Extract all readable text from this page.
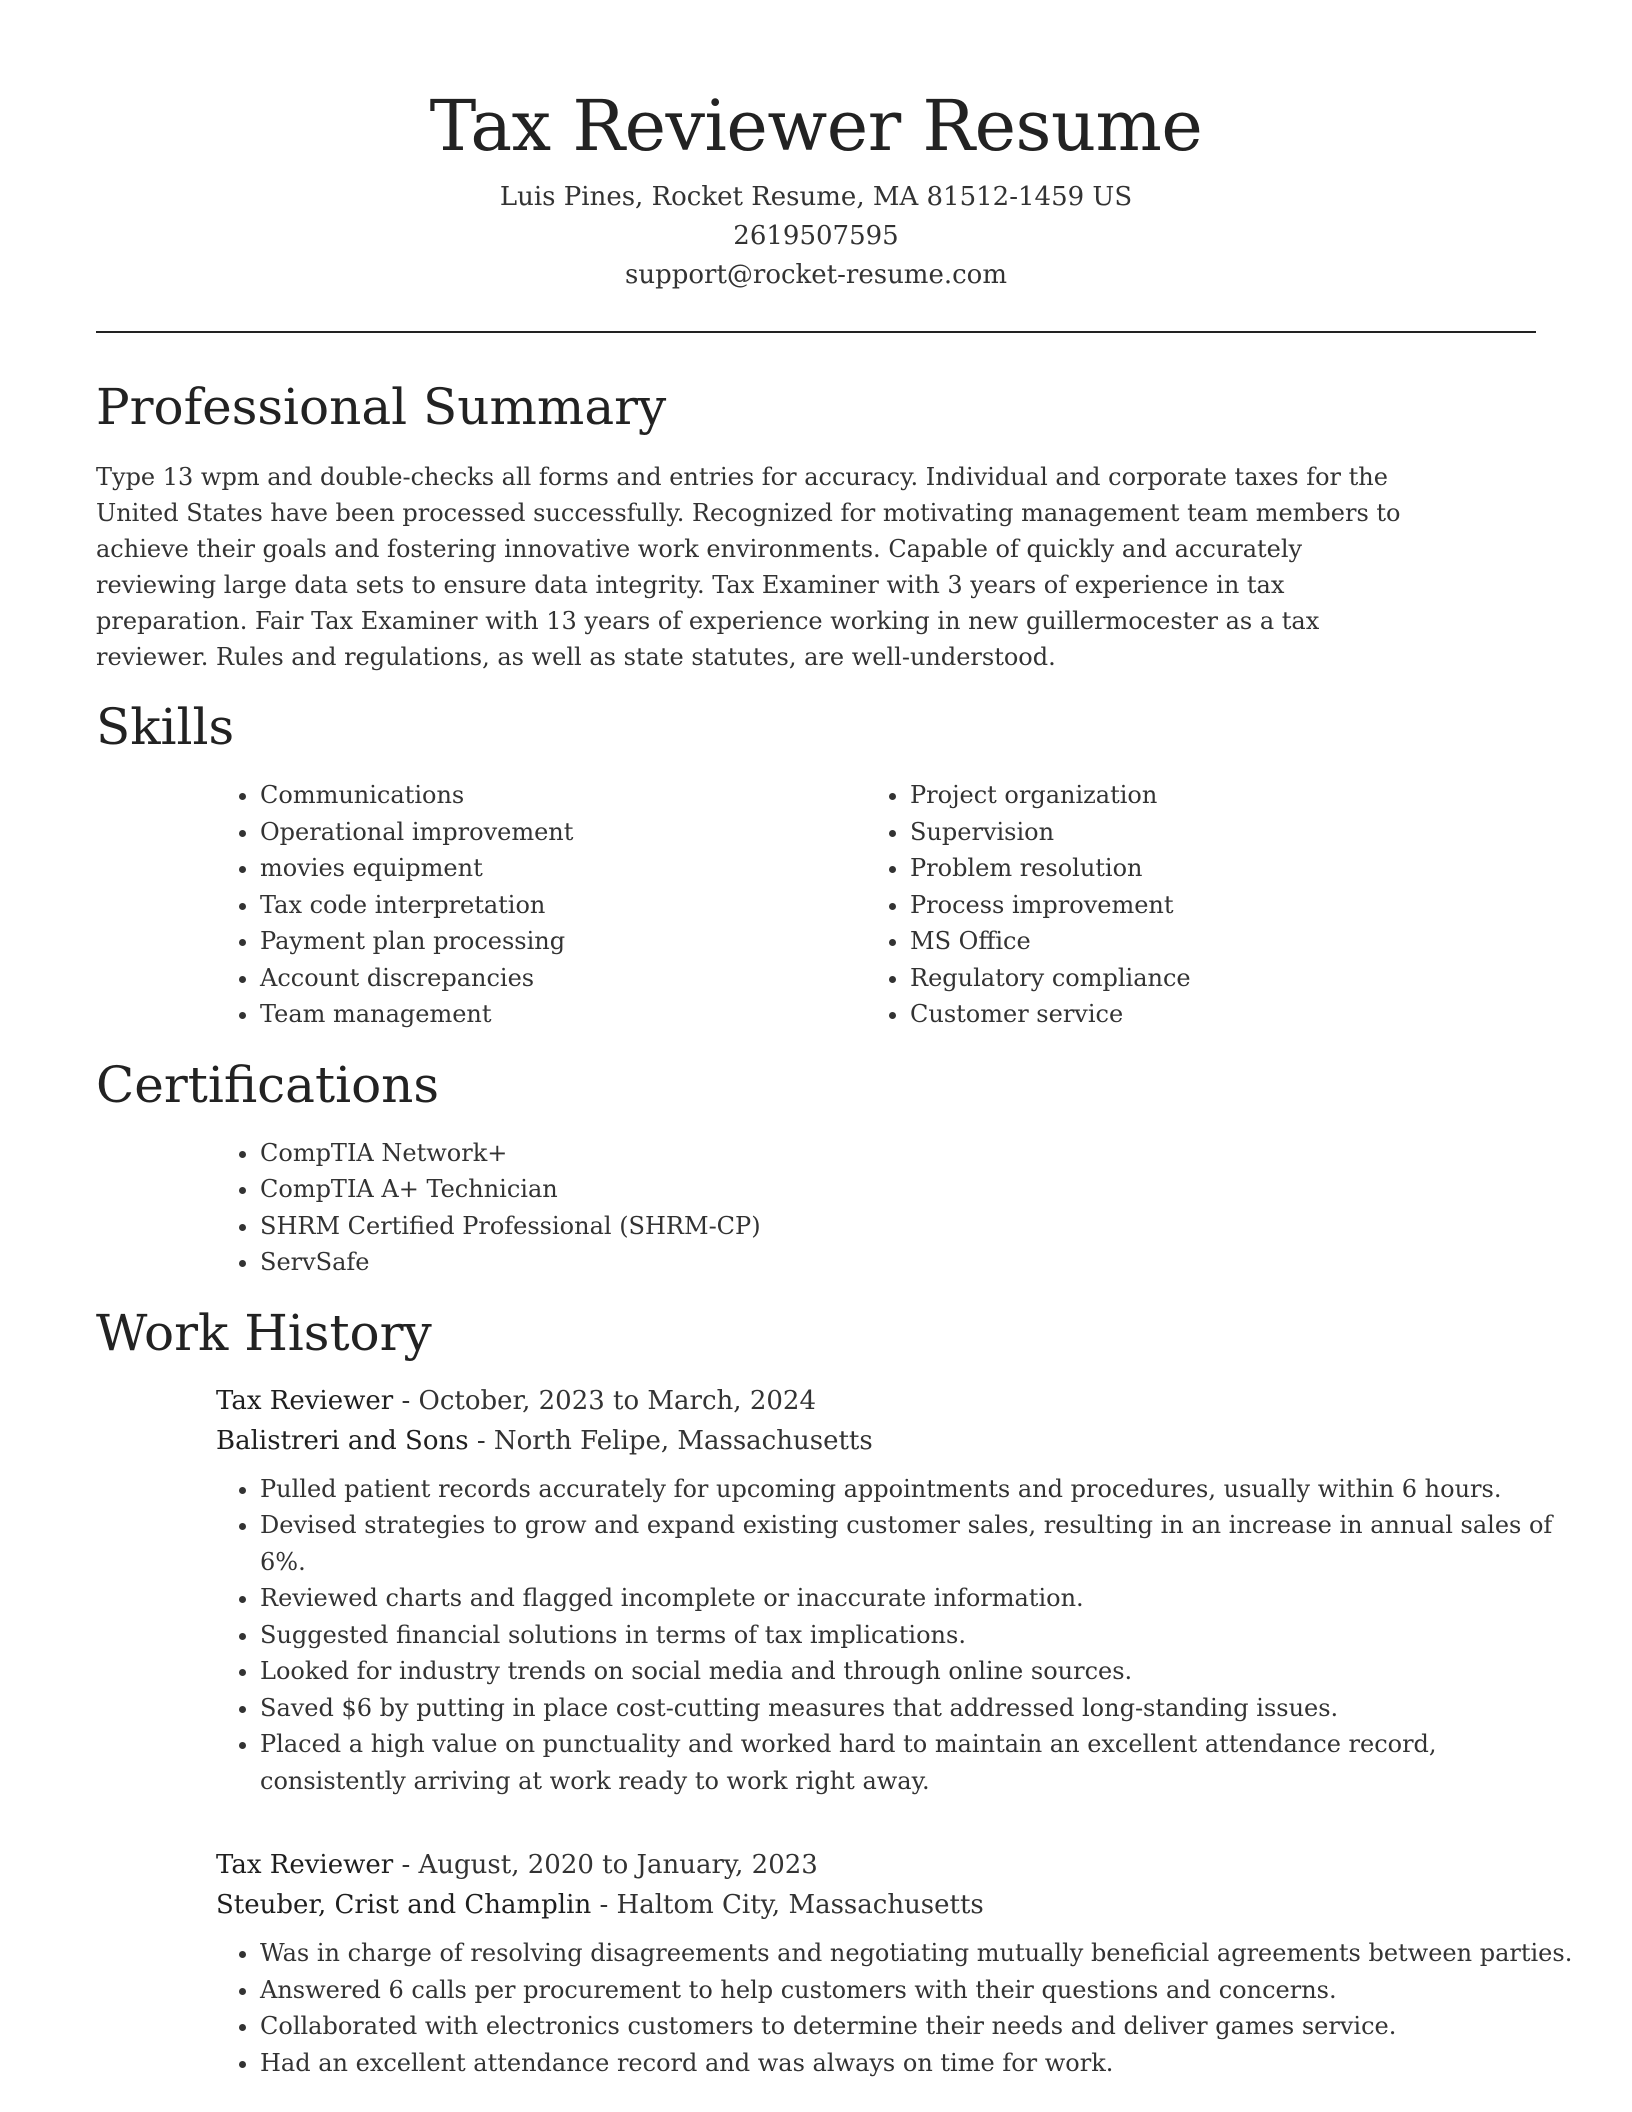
Tax Reviewer Resume
Luis Pines, Rocket Resume, MA 81512-1459 US
2619507595
support@rocket-resume.com
Professional Summary

Type 13 wpm and double-checks all forms and entries for accuracy. Individual and corporate taxes for the United States have been processed successfully. Recognized for motivating management team members to achieve their goals and fostering innovative work environments. Capable of quickly and accurately reviewing large data sets to ensure data integrity. Tax Examiner with 3 years of experience in tax preparation. Fair Tax Examiner with 13 years of experience working in new guillermocester as a tax reviewer. Rules and regulations, as well as state statutes, are well-understood.

Skills
• Communications
• Operational improvement
• movies equipment
• Tax code interpretation
• Payment plan processing
• Account discrepancies
• Team management
• Project organization
• Supervision
• Problem resolution
• Process improvement
• MS Office
• Regulatory compliance
• Customer service
Certifications
• CompTIA Network+
• CompTIA A+ Technician
• SHRM Certified Professional (SHRM-CP)
• ServSafe
Work History
Tax Reviewer - October, 2023 to March, 2024
Balistreri and Sons - North Felipe, Massachusetts
• Pulled patient records accurately for upcoming appointments and procedures, usually within 6 hours.
• Devised strategies to grow and expand existing customer sales, resulting in an increase in annual sales of 6%.
• Reviewed charts and flagged incomplete or inaccurate information.
• Suggested financial solutions in terms of tax implications.
• Looked for industry trends on social media and through online sources.
• Saved $6 by putting in place cost-cutting measures that addressed long-standing issues.
• Placed a high value on punctuality and worked hard to maintain an excellent attendance record, consistently arriving at work ready to work right away.
Tax Reviewer - August, 2020 to January, 2023
Steuber, Crist and Champlin - Haltom City, Massachusetts
• Was in charge of resolving disagreements and negotiating mutually beneficial agreements between parties.
• Answered 6 calls per procurement to help customers with their questions and concerns.
• Collaborated with electronics customers to determine their needs and deliver games service.
• Had an excellent attendance record and was always on time for work.
